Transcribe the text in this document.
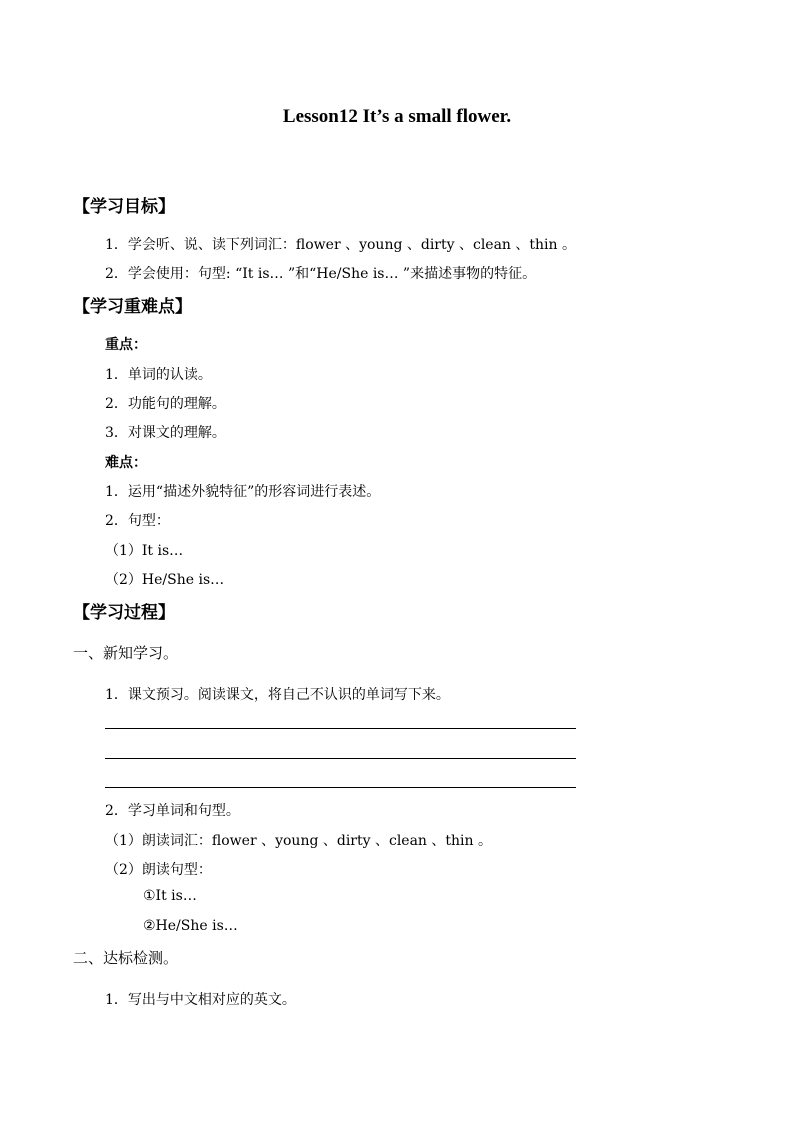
Lesson12 It’s a small flower.
【学习目标】
1．学会听、说、读下列词汇：flower 、young 、dirty 、clean 、thin 。
2．学会使用：句型: “It is… ”和“He/She is… ”来描述事物的特征。
【学习重难点】
重点：
1．单词的认读。
2．功能句的理解。
3．对课文的理解。
难点：
1．运用“描述外貌特征”的形容词进行表述。
2．句型：
（1）It is…
（2）He/She is…
【学习过程】
一、新知学习。
1．课文预习。阅读课文，将自己不认识的单词写下来。
2．学习单词和句型。
（1）朗读词汇：flower 、young 、dirty 、clean 、thin 。
（2）朗读句型：
①It is…
②He/She is…
二、达标检测。
1．写出与中文相对应的英文。
